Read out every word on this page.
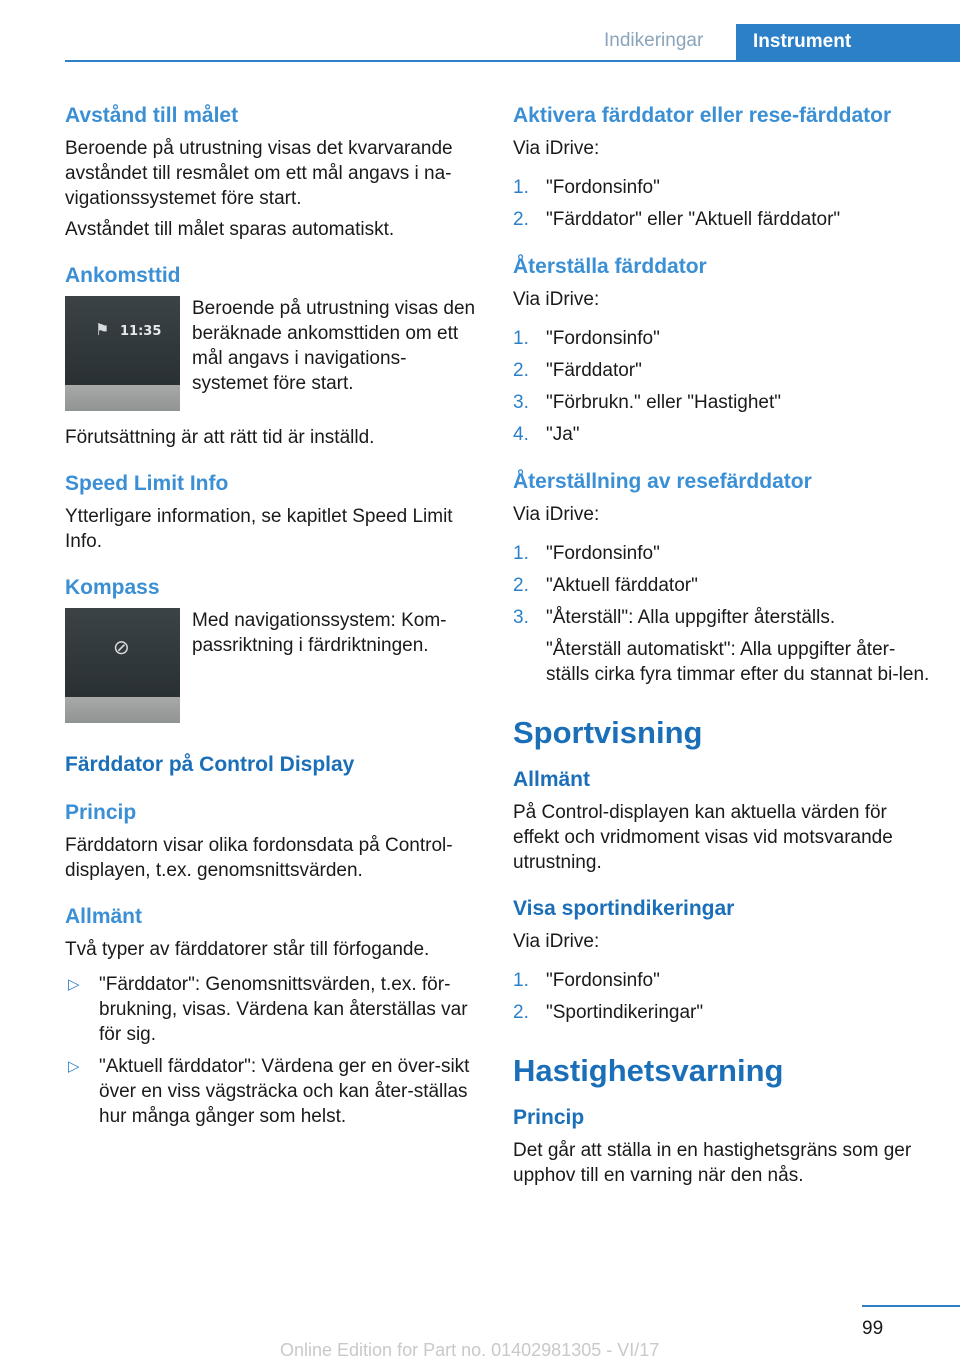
Indikeringar	Instrument
Avstånd till målet

Beroende på utrustning visas det kvarvarande avståndet till resmålet om ett mål angavs i na‐vigationssystemet före start.

Avståndet till målet sparas automatiskt.

Ankomsttid
⚑ 11:35

Beroende på utrustning visas den beräknade ankomsttiden om ett mål angavs i navigations‐systemet före start.

Förutsättning är att rätt tid är inställd.

Speed Limit Info

Ytterligare information, se kapitlet Speed Limit Info.

Kompass
⊘

Med navigationssystem: Kom‐passriktning i färdriktningen.

Färddator på Control Display
Princip

Färddatorn visar olika fordonsdata på Control‐displayen, t.ex. genomsnittsvärden.

Allmänt

Två typer av färddatorer står till förfogande.

▷ "Färddator": Genomsnittsvärden, t.ex. för‐brukning, visas. Värdena kan återställas var för sig.
▷ "Aktuell färddator": Värdena ger en över‐sikt över en viss vägsträcka och kan åter‐ställas hur många gånger som helst.
Aktivera färddator eller rese-färddator

Via iDrive:

1. "Fordonsinfo"
2. "Färddator" eller "Aktuell färddator"
Återställa färddator

Via iDrive:

1. "Fordonsinfo"
2. "Färddator"
3. "Förbrukn." eller "Hastighet"
4. "Ja"
Återställning av resefärddator

Via iDrive:

1. "Fordonsinfo"
2. "Aktuell färddator"
3. "Återställ": Alla uppgifter återställs.
"Återställ automatiskt": Alla uppgifter åter‐ställs cirka fyra timmar efter du stannat bi‐len.
Sportvisning
Allmänt

På Control-displayen kan aktuella värden för effekt och vridmoment visas vid motsvarande utrustning.

Visa sportindikeringar

Via iDrive:

1. "Fordonsinfo"
2. "Sportindikeringar"
Hastighetsvarning
Princip

Det går att ställa in en hastighetsgräns som ger upphov till en varning när den nås.

99
Online Edition for Part no. 01402981305 - VI/17
